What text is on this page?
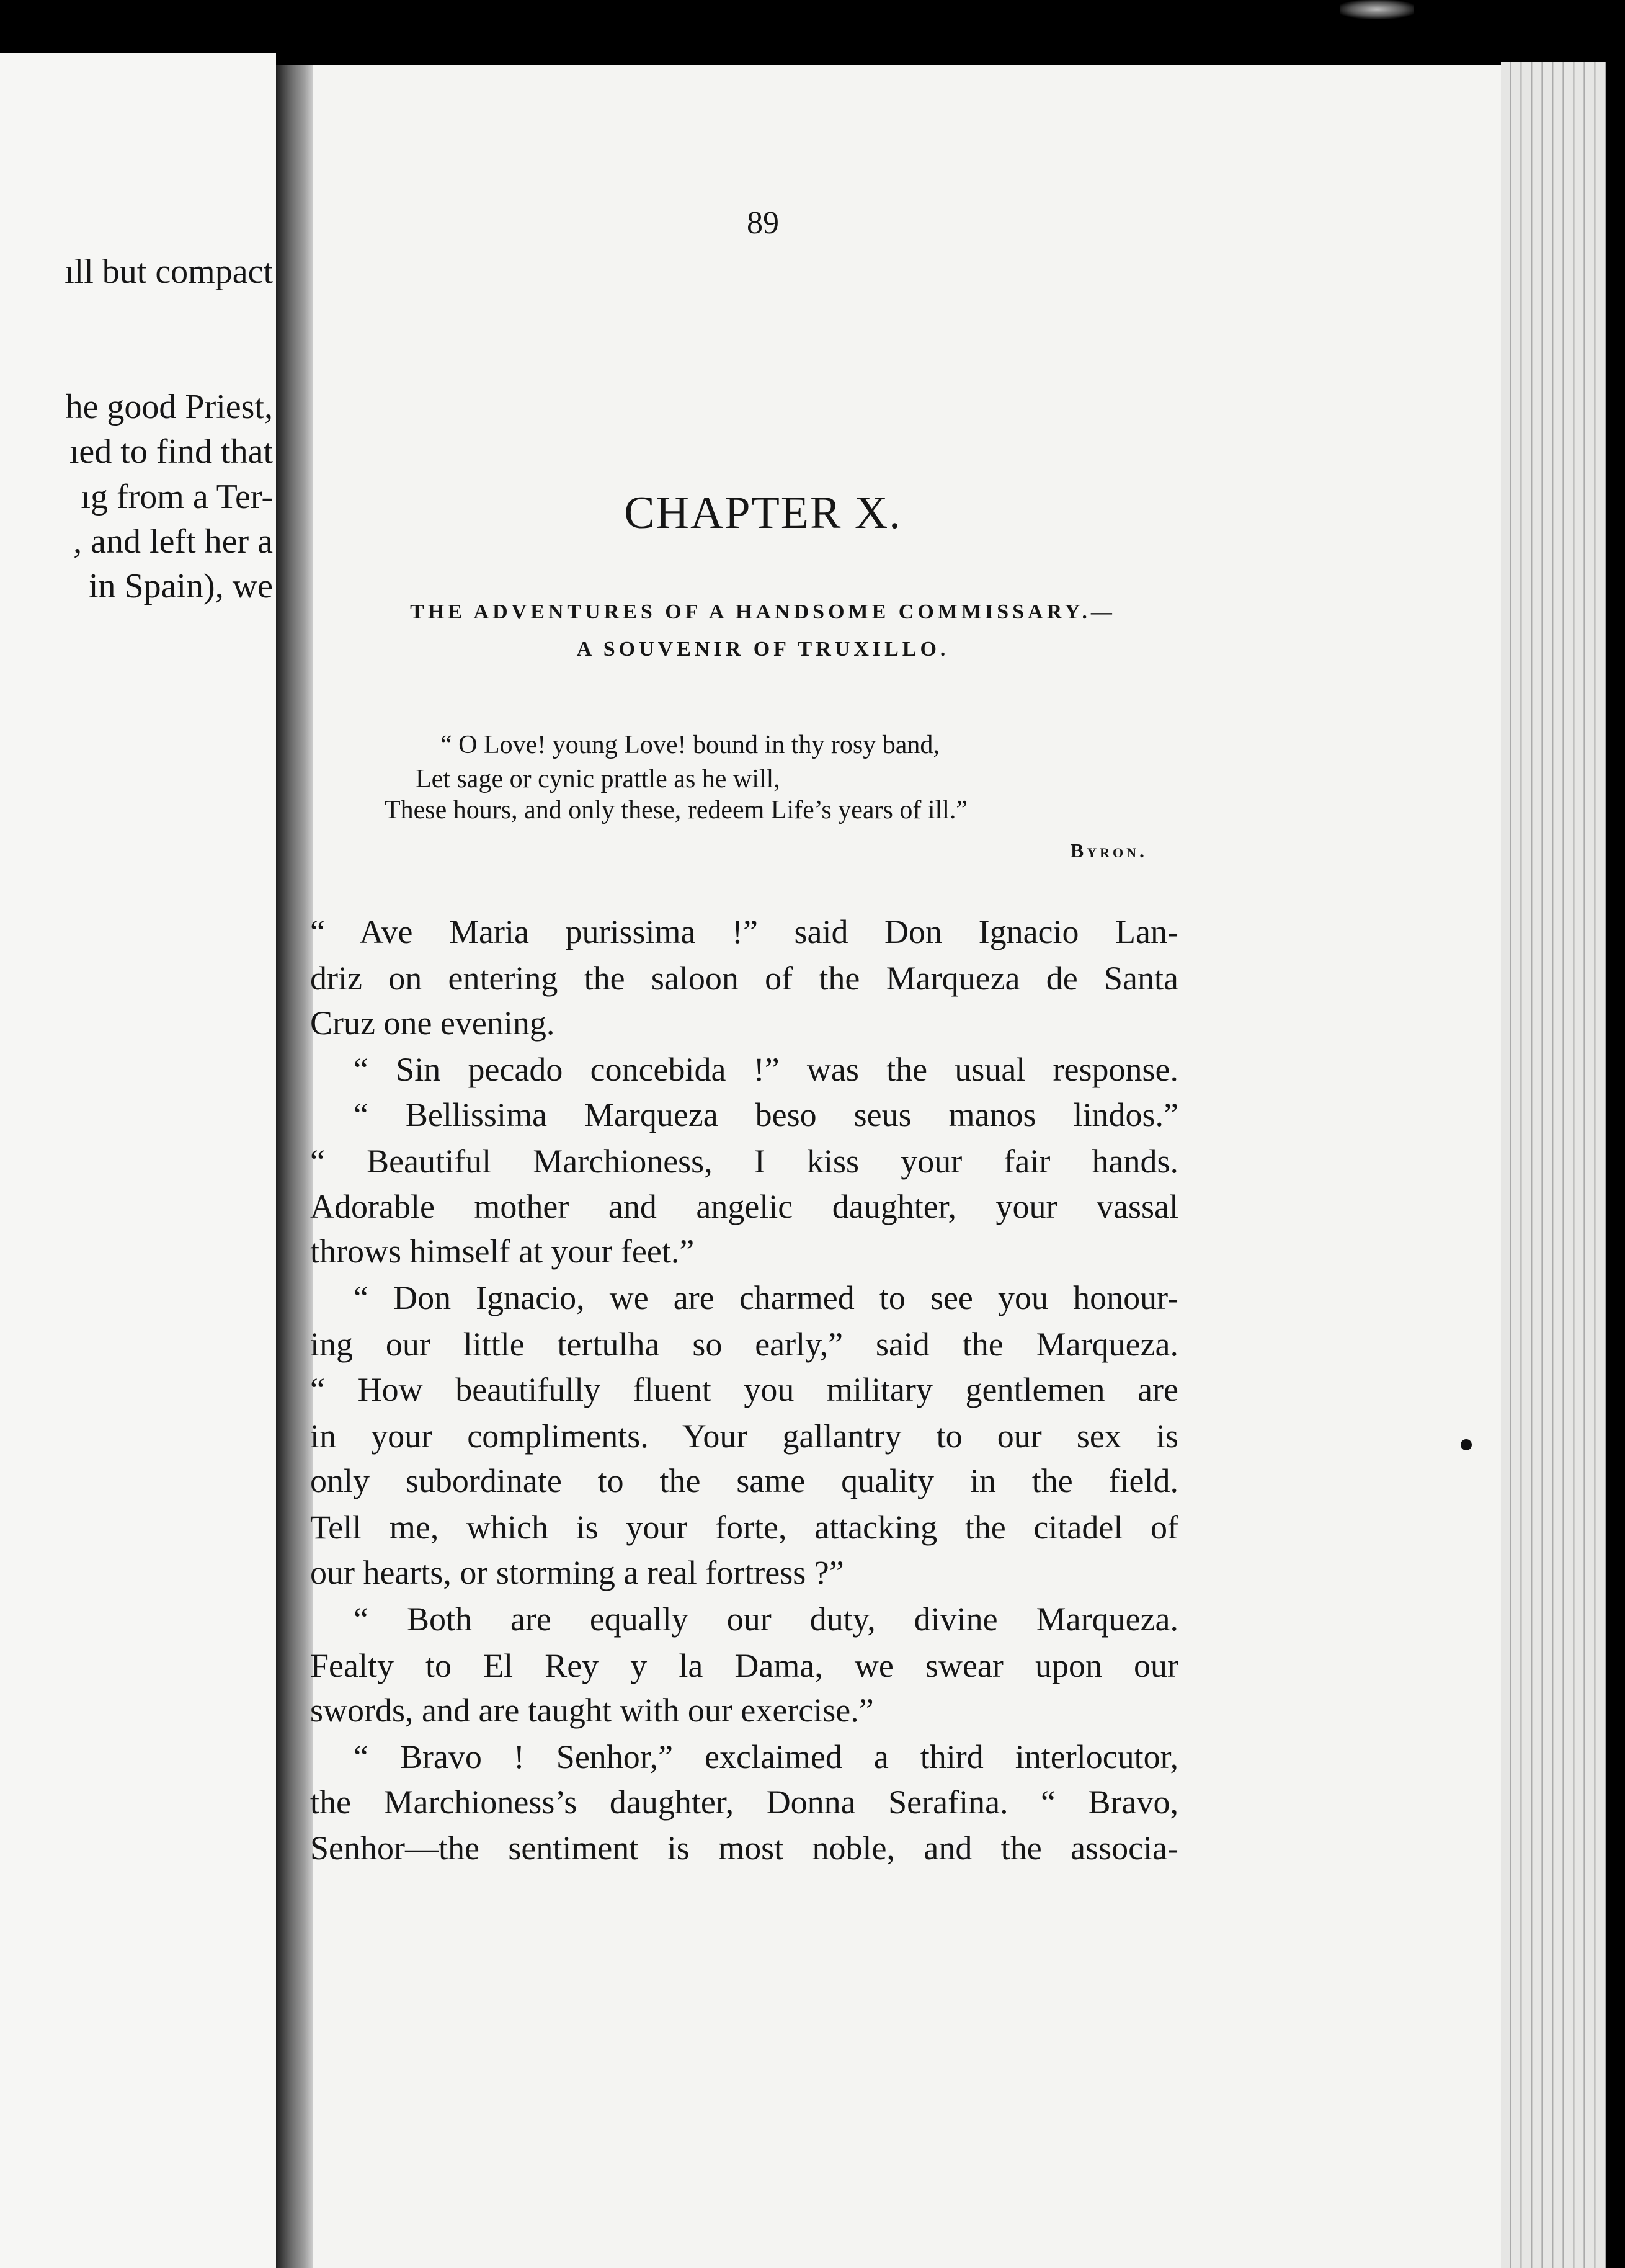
ıll but compact
he good Priest,
ıed to find that
ıg from a Ter-
, and left her a
in Spain), we
89
CHAPTER X.
THE ADVENTURES OF A HANDSOME COMMISSARY.—
A SOUVENIR OF TRUXILLO.
“ O Love! young Love! bound in thy rosy band,
Let sage or cynic prattle as he will,
These hours, and only these, redeem Life’s years of ill.”
Byron.
“ Ave Maria purissima !” said Don Ignacio Lan-
driz on entering the saloon of the Marqueza de Santa
Cruz one evening.
“ Sin pecado concebida !” was the usual response.
“ Bellissima Marqueza beso seus manos lindos.”
“ Beautiful Marchioness, I kiss your fair hands.
Adorable mother and angelic daughter, your vassal
throws himself at your feet.”
“ Don Ignacio, we are charmed to see you honour-
ing our little tertulha so early,” said the Marqueza.
“ How beautifully fluent you military gentlemen are
in your compliments. Your gallantry to our sex is
only subordinate to the same quality in the field.
Tell me, which is your forte, attacking the citadel of
our hearts, or storming a real fortress ?”
“ Both are equally our duty, divine Marqueza.
Fealty to El Rey y la Dama, we swear upon our
swords, and are taught with our exercise.”
“ Bravo ! Senhor,” exclaimed a third interlocutor,
the Marchioness’s daughter, Donna Serafina. “ Bravo,
Senhor—the sentiment is most noble, and the associa-
